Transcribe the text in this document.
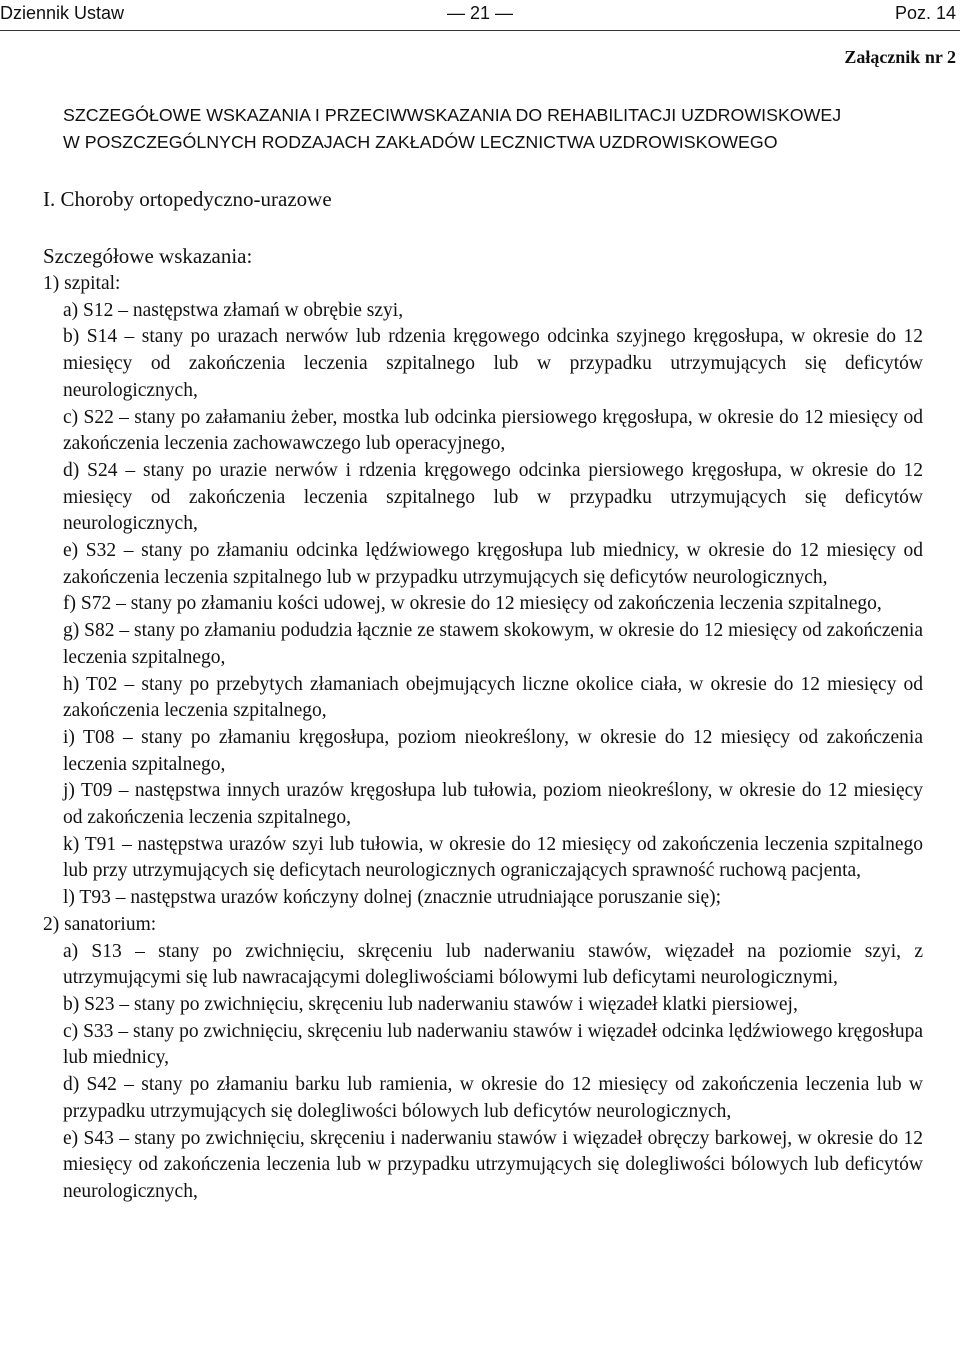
Dziennik Ustaw	— 21 —	Poz. 14
Załącznik nr 2
SZCZEGÓŁOWE WSKAZANIA I PRZECIWWSKAZANIA DO REHABILITACJI UZDROWISKOWEJ
W POSZCZEGÓLNYCH RODZAJACH ZAKŁADÓW LECZNICTWA UZDROWISKOWEGO
I. Choroby ortopedyczno-urazowe

Szczegółowe wskazania:

1) szpital:

a) S12 – następstwa złamań w obrębie szyi,

b) S14 – stany po urazach nerwów lub rdzenia kręgowego odcinka szyjnego kręgosłupa, w okresie do 12 miesięcy od zakończenia leczenia szpitalnego lub w przypadku utrzymujących się deficytów neurologicznych,

c) S22 – stany po załamaniu żeber, mostka lub odcinka piersiowego kręgosłupa, w okresie do 12 miesięcy od zakończenia leczenia zachowawczego lub operacyjnego,

d) S24 – stany po urazie nerwów i rdzenia kręgowego odcinka piersiowego kręgosłupa, w okresie do 12 miesięcy od zakończenia leczenia szpitalnego lub w przypadku utrzymujących się deficytów neurologicznych,

e) S32 – stany po złamaniu odcinka lędźwiowego kręgosłupa lub miednicy, w okresie do 12 miesięcy od zakończenia leczenia szpitalnego lub w przypadku utrzymujących się deficytów neurologicznych,

f) S72 – stany po złamaniu kości udowej, w okresie do 12 miesięcy od zakończenia leczenia szpitalnego,

g) S82 – stany po złamaniu podudzia łącznie ze stawem skokowym, w okresie do 12 miesięcy od zakończenia leczenia szpitalnego,

h) T02 – stany po przebytych złamaniach obejmujących liczne okolice ciała, w okresie do 12 miesięcy od zakończenia leczenia szpitalnego,

i) T08 – stany po złamaniu kręgosłupa, poziom nieokreślony, w okresie do 12 miesięcy od zakończenia leczenia szpitalnego,

j) T09 – następstwa innych urazów kręgosłupa lub tułowia, poziom nieokreślony, w okresie do 12 miesięcy od zakończenia leczenia szpitalnego,

k) T91 – następstwa urazów szyi lub tułowia, w okresie do 12 miesięcy od zakończenia leczenia szpitalnego lub przy utrzymujących się deficytach neurologicznych ograniczających sprawność ruchową pacjenta,

l) T93 – następstwa urazów kończyny dolnej (znacznie utrudniające poruszanie się);

2) sanatorium:

a) S13 – stany po zwichnięciu, skręceniu lub naderwaniu stawów, więzadeł na poziomie szyi, z utrzymującymi się lub nawracającymi dolegliwościami bólowymi lub deficytami neurologicznymi,

b) S23 – stany po zwichnięciu, skręceniu lub naderwaniu stawów i więzadeł klatki piersiowej,

c) S33 – stany po zwichnięciu, skręceniu lub naderwaniu stawów i więzadeł odcinka lędźwiowego kręgosłupa lub miednicy,

d) S42 – stany po złamaniu barku lub ramienia, w okresie do 12 miesięcy od zakończenia leczenia lub w przypadku utrzymujących się dolegliwości bólowych lub deficytów neurologicznych,

e) S43 – stany po zwichnięciu, skręceniu i naderwaniu stawów i więzadeł obręczy barkowej, w okresie do 12 miesięcy od zakończenia leczenia lub w przypadku utrzymujących się dolegliwości bólowych lub deficytów neurologicznych,
